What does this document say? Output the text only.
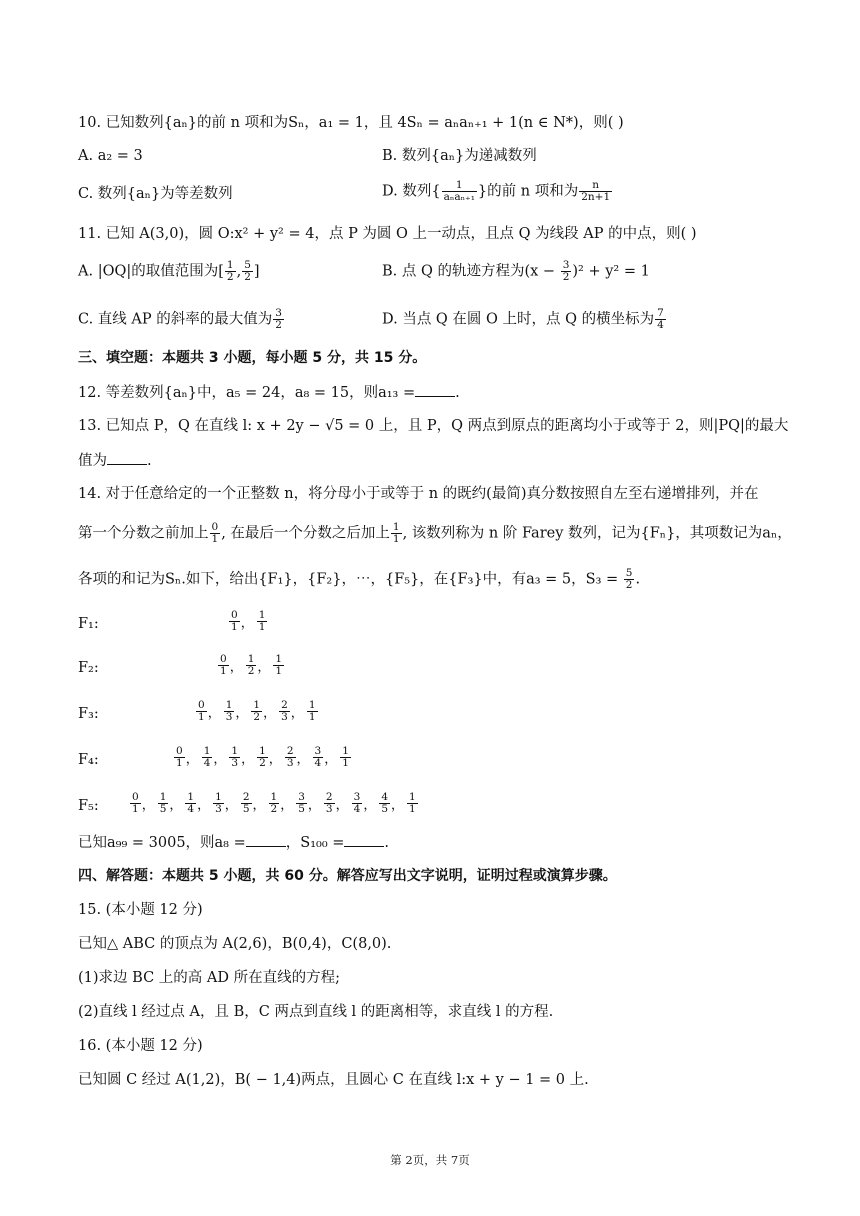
10. 已知数列{aₙ}的前 n 项和为Sₙ，a₁ = 1，且 4Sₙ = aₙaₙ₊₁ + 1(n ∈ N*)，则( )
A. a₂ = 3	B. 数列{aₙ}为递减数列
C. 数列{aₙ}为等差数列	D. 数列{ $\frac{1}{\text{aₙaₙ₊₁}}$ }的前 n 项和为 $\frac{n}{2n+1}$
11. 已知 A(3,0)，圆 O:x² + y² = 4，点 P 为圆 O 上一动点，且点 Q 为线段 AP 的中点，则( )
A. |OQ|的取值范围为[ $\frac{1}{2}$ , $\frac{5}{2}$ ]	B. 点 Q 的轨迹方程为$(x - \frac{3}{2} )^2 + y^2 = 1$
C. 直线 AP 的斜率的最大值为 $\frac{3}{2}$	D. 当点 Q 在圆 O 上时，点 Q 的横坐标为 $\frac{7}{4}$
三、填空题：本题共 3 小题，每小题 5 分，共 15 分。
12. 等差数列{aₙ}中，a₅ = 24，a₈ = 15，则a₁₃ =	.
13. 已知点 P，Q 在直线 l: x + 2y − √5 = 0 上，且 P，Q 两点到原点的距离均小于或等于 2，则|PQ|的最大
值为	.
14. 对于任意给定的一个正整数 n，将分母小于或等于 n 的既约(最简)真分数按照自左至右递增排列，并在
第一个分数之前加上 $\frac{0}{1}$ , 在最后一个分数之后加上 $\frac{1}{1}$ , 该数列称为 n 阶 Farey 数列，记为{Fₙ}，其项数记为aₙ，
各项的和记为Sₙ.如下，给出{F₁}，{F₂}，⋯，{F₅}，在{F₃}中，有a₃ = 5，$S_3 = \frac{5}{2}$ .
F₁:	$\frac{0}{1}$ ， $\frac{1}{1}$
F₂:	$\frac{0}{1}$ ， $\frac{1}{2}$ ， $\frac{1}{1}$
F₃:	$\frac{0}{1}$ ， $\frac{1}{3}$ ， $\frac{1}{2}$ ， $\frac{2}{3}$ ， $\frac{1}{1}$
F₄:	$\frac{0}{1}$ ， $\frac{1}{4}$ ， $\frac{1}{3}$ ， $\frac{1}{2}$ ， $\frac{2}{3}$ ， $\frac{3}{4}$ ， $\frac{1}{1}$
F₅:	$\frac{0}{1}$ ， $\frac{1}{5}$ ， $\frac{1}{4}$ ， $\frac{1}{3}$ ， $\frac{2}{5}$ ， $\frac{1}{2}$ ， $\frac{3}{5}$ ， $\frac{2}{3}$ ， $\frac{3}{4}$ ， $\frac{4}{5}$ ， $\frac{1}{1}$
已知a₉₉ = 3005，则a₈ =	，S₁₀₀ =	.
四、解答题：本题共 5 小题，共 60 分。解答应写出文字说明，证明过程或演算步骤。
15. (本小题 12 分)
已知△ ABC 的顶点为 A(2,6)，B(0,4)，C(8,0).
(1)求边 BC 上的高 AD 所在直线的方程;
(2)直线 l 经过点 A，且 B，C 两点到直线 l 的距离相等，求直线 l 的方程.
16. (本小题 12 分)
已知圆 C 经过 A(1,2)，B( − 1,4)两点，且圆心 C 在直线 l:x + y − 1 = 0 上.
第 2页，共 7页
